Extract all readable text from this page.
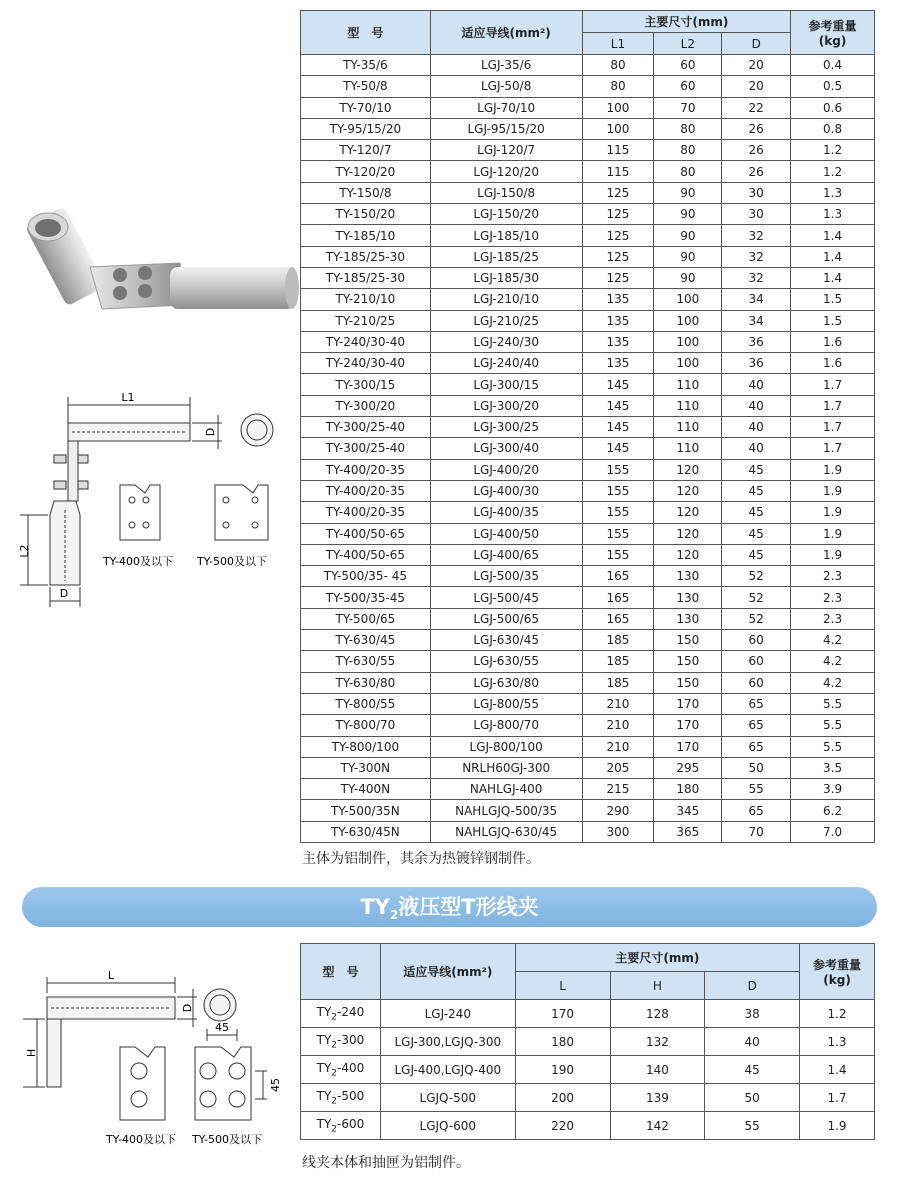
L1
D
L2
D
TY-400及以下 TY-500及以下
型　号	适应导线(mm²)	主要尺寸(mm)			参考重量
(kg)
		L1	L2	D	
TY-35/6	LGJ-35/6	80	60	20	0.4
TY-50/8	LGJ-50/8	80	60	20	0.5
TY-70/10	LGJ-70/10	100	70	22	0.6
TY-95/15/20	LGJ-95/15/20	100	80	26	0.8
TY-120/7	LGJ-120/7	115	80	26	1.2
TY-120/20	LGJ-120/20	115	80	26	1.2
TY-150/8	LGJ-150/8	125	90	30	1.3
TY-150/20	LGJ-150/20	125	90	30	1.3
TY-185/10	LGJ-185/10	125	90	32	1.4
TY-185/25-30	LGJ-185/25	125	90	32	1.4
TY-185/25-30	LGJ-185/30	125	90	32	1.4
TY-210/10	LGJ-210/10	135	100	34	1.5
TY-210/25	LGJ-210/25	135	100	34	1.5
TY-240/30-40	LGJ-240/30	135	100	36	1.6
TY-240/30-40	LGJ-240/40	135	100	36	1.6
TY-300/15	LGJ-300/15	145	110	40	1.7
TY-300/20	LGJ-300/20	145	110	40	1.7
TY-300/25-40	LGJ-300/25	145	110	40	1.7
TY-300/25-40	LGJ-300/40	145	110	40	1.7
TY-400/20-35	LGJ-400/20	155	120	45	1.9
TY-400/20-35	LGJ-400/30	155	120	45	1.9
TY-400/20-35	LGJ-400/35	155	120	45	1.9
TY-400/50-65	LGJ-400/50	155	120	45	1.9
TY-400/50-65	LGJ-400/65	155	120	45	1.9
TY-500/35- 45	LGJ-500/35	165	130	52	2.3
TY-500/35-45	LGJ-500/45	165	130	52	2.3
TY-500/65	LGJ-500/65	165	130	52	2.3
TY-630/45	LGJ-630/45	185	150	60	4.2
TY-630/55	LGJ-630/55	185	150	60	4.2
TY-630/80	LGJ-630/80	185	150	60	4.2
TY-800/55	LGJ-800/55	210	170	65	5.5
TY-800/70	LGJ-800/70	210	170	65	5.5
TY-800/100	LGJ-800/100	210	170	65	5.5
TY-300N	NRLH60GJ-300	205	295	50	3.5
TY-400N	NAHLGJ-400	215	180	55	3.9
TY-500/35N	NAHLGJQ-500/35	290	345	65	6.2
TY-630/45N	NAHLGJQ-630/45	300	365	70	7.0
主体为铝制件，其余为热镀锌钢制件。
$TY_2$液压型T形线夹
L
D
H
45
45
TY-400及以下 TY-500及以下
型　号	适应导线(mm²)	主要尺寸(mm)			参考重量
(kg)
		L	H	D	
$TY_2-240$	LGJ-240	170	128	38	1.2
$TY_2-300$	LGJ-300,LGJQ-300	180	132	40	1.3
$TY_2-400$	LGJ-400,LGJQ-400	190	140	45	1.4
$TY_2-500$	LGJQ-500	200	139	50	1.7
$TY_2-600$	LGJQ-600	220	142	55	1.9
线夹本体和抽匣为铝制件。
